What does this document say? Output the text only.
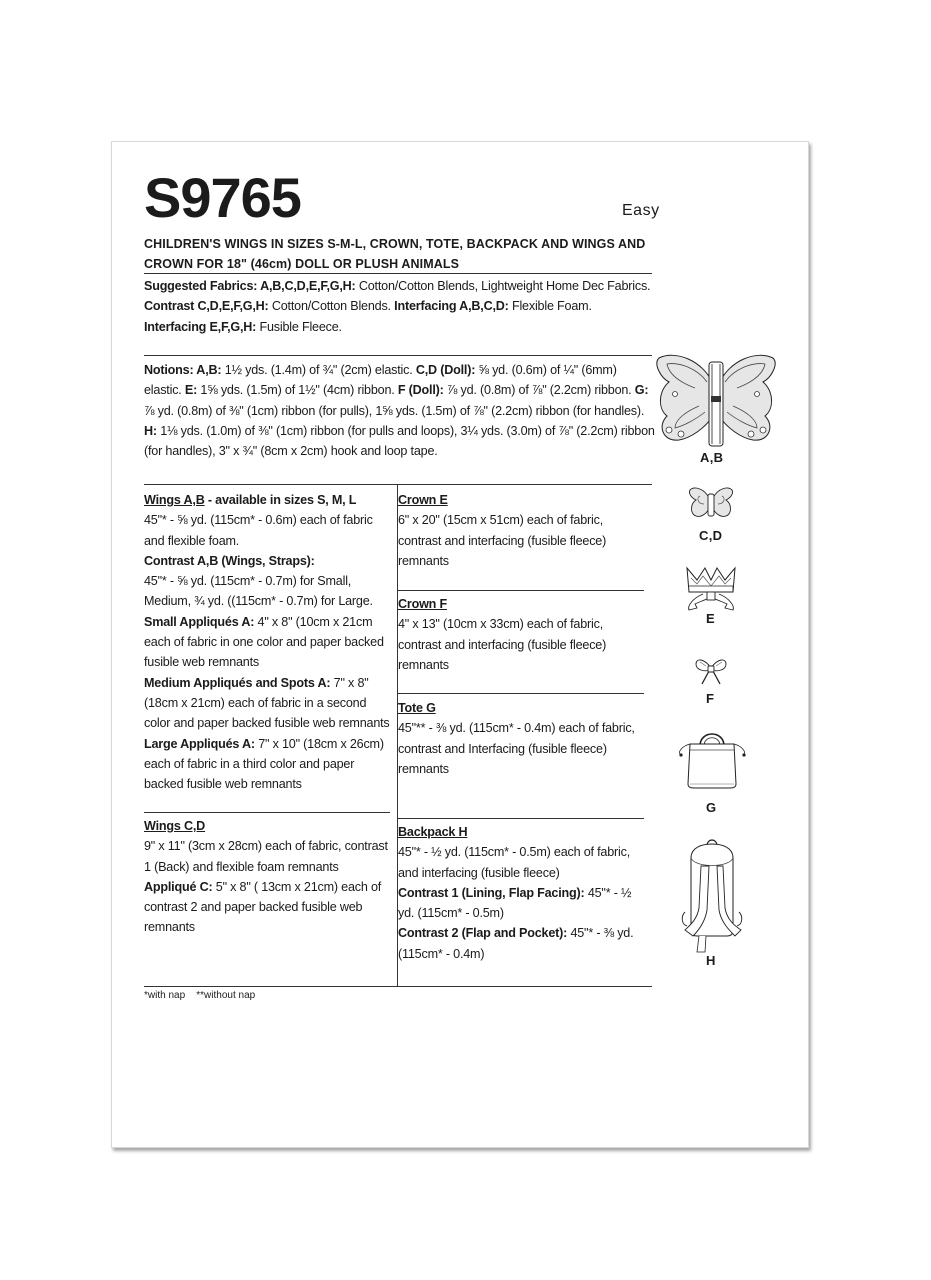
S9765	Easy
CHILDREN'S WINGS IN SIZES S-M-L, CROWN, TOTE, BACKPACK AND WINGS AND CROWN FOR 18" (46cm) DOLL OR PLUSH ANIMALS
Suggested Fabrics: A,B,C,D,E,F,G,H: Cotton/Cotton Blends, Lightweight Home Dec Fabrics.
Contrast C,D,E,F,G,H: Cotton/Cotton Blends. Interfacing A,B,C,D: Flexible Foam. Interfacing E,F,G,H: Fusible Fleece.
Notions: A,B: 1½ yds. (1.4m) of ¾" (2cm) elastic. C,D (Doll): ⅝ yd. (0.6m) of ¼" (6mm) elastic. E: 1⅝ yds. (1.5m) of 1½" (4cm) ribbon. F (Doll): ⅞ yd. (0.8m) of ⅞" (2.2cm) ribbon. G: ⅞ yd. (0.8m) of ⅜" (1cm) ribbon (for pulls), 1⅝ yds. (1.5m) of ⅞" (2.2cm) ribbon (for handles). H: 1⅛ yds. (1.0m) of ⅜" (1cm) ribbon (for pulls and loops), 3¼ yds. (3.0m) of ⅞" (2.2cm) ribbon (for handles), 3" x ¾" (8cm x 2cm) hook and loop tape.
Wings A,B - available in sizes S, M, L
45"* - ⅝ yd. (115cm* - 0.6m) each of fabric and flexible foam.
Contrast A,B (Wings, Straps):
45"* - ⅝ yd. (115cm* - 0.7m) for Small, Medium, ¾ yd. ((115cm* - 0.7m) for Large.
Small Appliqués A: 4" x 8" (10cm x 21cm each of fabric in one color and paper backed fusible web remnants
Medium Appliqués and Spots A: 7" x 8" (18cm x 21cm) each of fabric in a second color and paper backed fusible web remnants
Large Appliqués A: 7" x 10" (18cm x 26cm) each of fabric in a third color and paper backed fusible web remnants
Wings C,D
9" x 11" (3cm x 28cm) each of fabric, contrast 1 (Back) and flexible foam remnants
Appliqué C: 5" x 8" ( 13cm x 21cm) each of contrast 2 and paper backed fusible web remnants
Crown E
6" x 20" (15cm x 51cm) each of fabric, contrast and interfacing (fusible fleece) remnants
Crown F
4" x 13" (10cm x 33cm) each of fabric, contrast and interfacing (fusible fleece) remnants
Tote G
45"** - ⅜ yd. (115cm* - 0.4m) each of fabric, contrast and Interfacing (fusible fleece) remnants
Backpack H
45"* - ½ yd. (115cm* - 0.5m) each of fabric, and interfacing (fusible fleece)
Contrast 1 (Lining, Flap Facing): 45"* - ½ yd. (115cm* - 0.5m)
Contrast 2 (Flap and Pocket): 45"* - ⅜ yd. (115cm* - 0.4m)
*with nap **without nap
A,B
C,D
E
F
G
H
